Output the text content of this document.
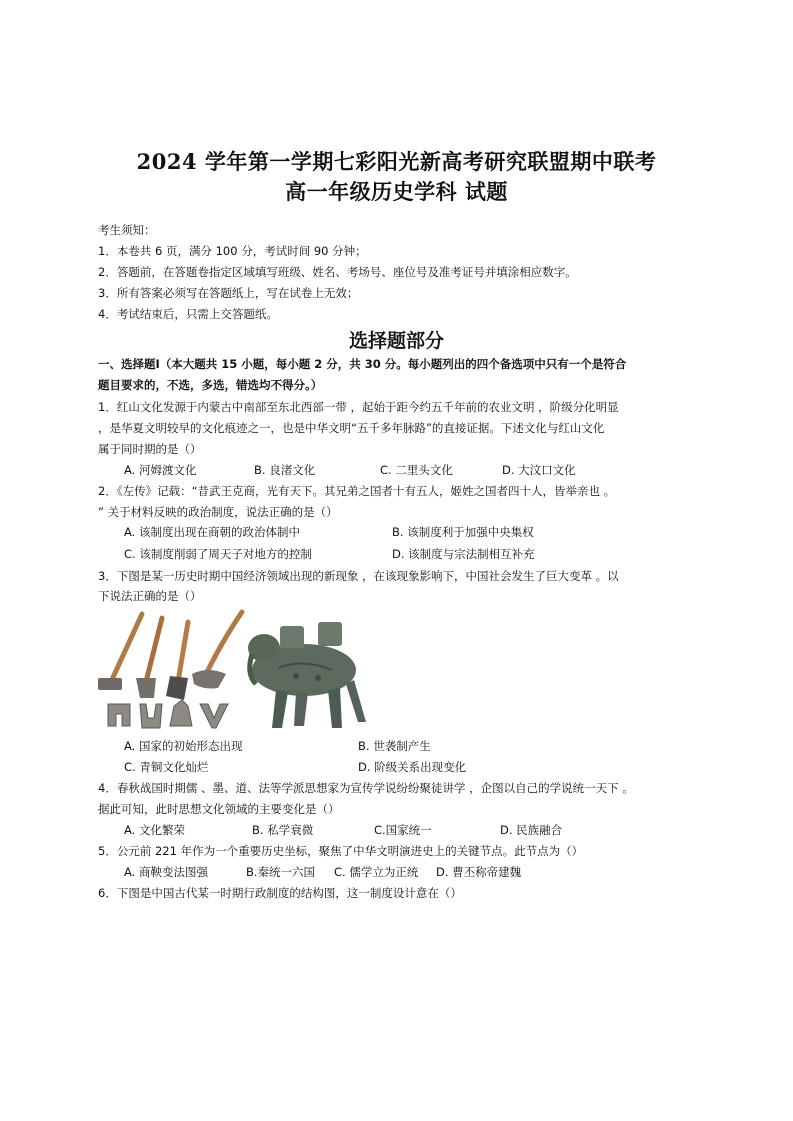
2024 学年第一学期七彩阳光新高考研究联盟期中联考
高一年级历史学科 试题
考生须知：
1．本卷共 6 页，满分 100 分，考试时间 90 分钟；
2．答题前，在答题卷指定区域填写班级、姓名、考场号、座位号及准考证号并填涂相应数字。
3．所有答案必须写在答题纸上，写在试卷上无效；
4．考试结束后，只需上交答题纸。
选择题部分
一、选择题Ⅰ（本大题共 15 小题，每小题 2 分，共 30 分。每小题列出的四个备选项中只有一个是符合
题目要求的，不选，多选，错选均不得分。）
1．红山文化发源于内蒙古中南部至东北西部一带 ，起始于距今约五千年前的农业文明 ，阶级分化明显
，是华夏文明较早的文化痕迹之一，也是中华文明“五千多年脉路”的直接证据。下述文化与红山文化
属于同时期的是（）
A. 河姆渡文化	B. 良渚文化	C. 二里头文化	D. 大汶口文化
2．《左传》记载：“昔武王克商，光有天下。其兄弟之国者十有五人，姬姓之国者四十人，皆举亲也 。
” 关于材料反映的政治制度，说法正确的是（）
A. 该制度出现在商朝的政治体制中	B. 该制度利于加强中央集权
C. 该制度削弱了周天子对地方的控制	D. 该制度与宗法制相互补充
3．下图是某一历史时期中国经济领域出现的新现象 ，在该现象影响下，中国社会发生了巨大变革 。以
下说法正确的是（）
A. 国家的初始形态出现	B. 世袭制产生
C. 青铜文化灿烂	D. 阶级关系出现变化
4．春秋战国时期儒 、墨、道、法等学派思想家为宣传学说纷纷聚徒讲学 ，企图以自己的学说统一天下 。
据此可知，此时思想文化领域的主要变化是（）
A. 文化繁荣	B. 私学衰微	C.国家统一	D. 民族融合
5．公元前 221 年作为一个重要历史坐标，聚焦了中华文明演进史上的关键节点。此节点为（）
A. 商鞅变法图强	B.秦统一六国 C. 儒学立为正统 D. 曹丕称帝建魏
6．下图是中国古代某一时期行政制度的结构图，这一制度设计意在（）
